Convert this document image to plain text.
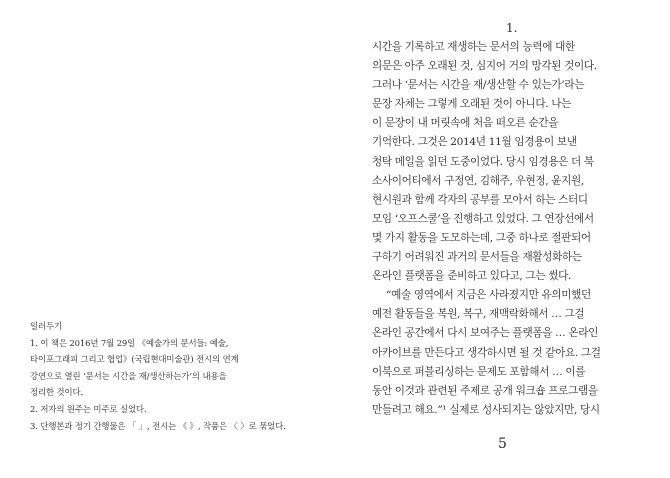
일러두기
1. 이 책은 2016년 7월 29일 《예술가의 문서들: 예술,
타이포그래피 그리고 협업》(국립현대미술관) 전시의 연계
강연으로 열린 ‘문서는 시간을 재/생산하는가’의 내용을
정리한 것이다.
2. 저자의 원주는 미주로 실었다.
3. 단행본과 정기 간행물은 「 」, 전시는 《 》, 작품은 〈 〉로 묶었다.
1.
시간을 기록하고 재생하는 문서의 능력에 대한
의문은 아주 오래된 것, 심지어 거의 망각된 것이다.
그러나 ‘문서는 시간을 재/생산할 수 있는가’라는
문장 자체는 그렇게 오래된 것이 아니다. 나는
이 문장이 내 머릿속에 처음 떠오른 순간을
기억한다. 그것은 2014년 11월 임경용이 보낸
청탁 메일을 읽던 도중이었다. 당시 임경용은 더 북
소사이어티에서 구정연, 김해주, 우현정, 윤지원,
현시원과 함께 각자의 공부를 모아서 하는 스터디
모임 ‘오프스쿨’을 진행하고 있었다. 그 연장선에서
몇 가지 활동을 도모하는데, 그중 하나로 절판되어
구하기 어려워진 과거의 문서들을 재활성화하는
온라인 플랫폼을 준비하고 있다고, 그는 썼다.
“예술 영역에서 지금은 사라졌지만 유의미했던
예전 활동들을 복원, 복구, 재맥락화해서 … 그걸
온라인 공간에서 다시 보여주는 플랫폼을 … 온라인
아카이브를 만든다고 생각하시면 될 것 같아요. 그걸
이북으로 퍼블리싱하는 문제도 포함해서 … 이를
동안 이것과 관련된 주제로 공개 워크숍 프로그램을
만들려고 해요.”¹ 실제로 성사되지는 않았지만, 당시
5
